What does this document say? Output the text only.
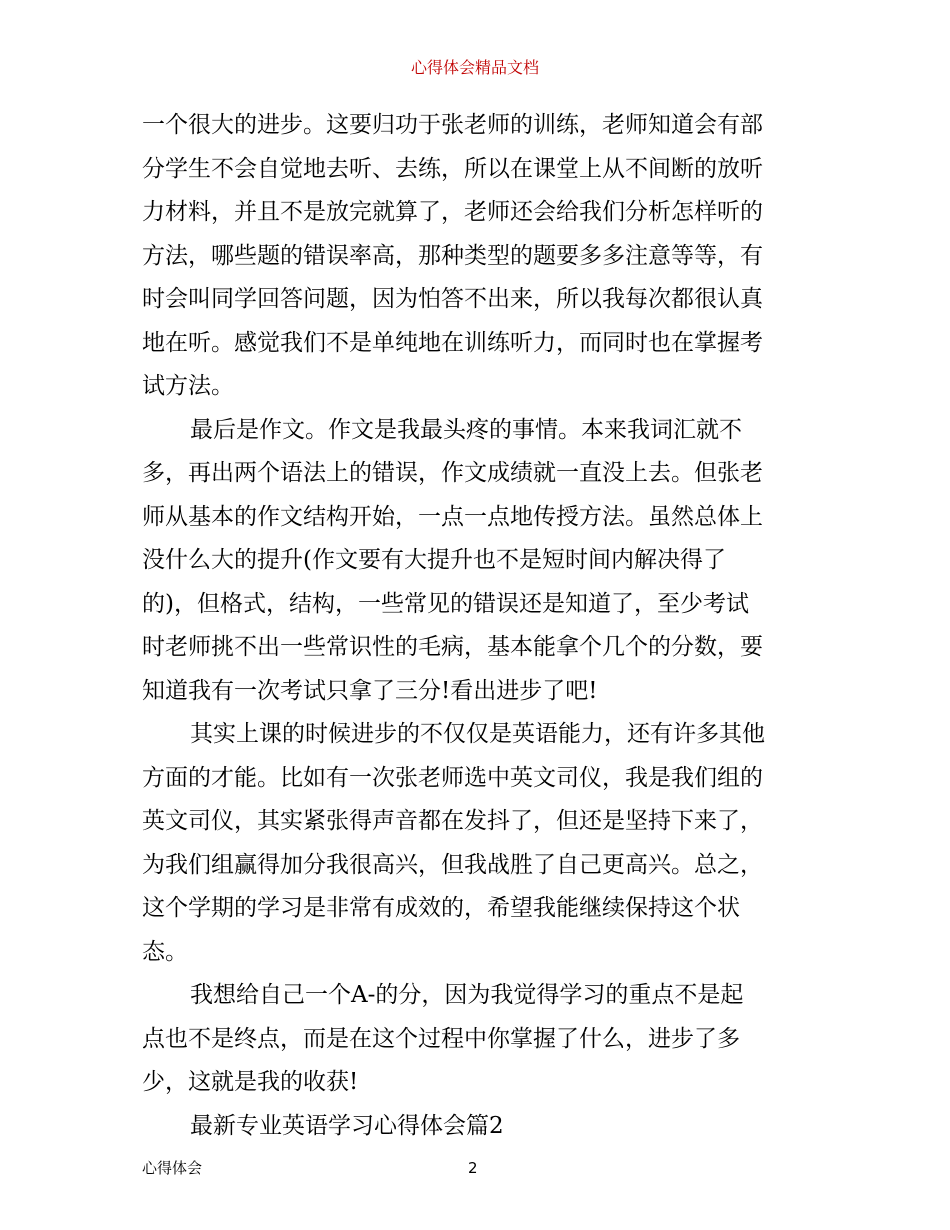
心得体会精品文档
一个很大的进步。这要归功于张老师的训练，老师知道会有部
分学生不会自觉地去听、去练，所以在课堂上从不间断的放听
力材料，并且不是放完就算了，老师还会给我们分析怎样听的
方法，哪些题的错误率高，那种类型的题要多多注意等等，有
时会叫同学回答问题，因为怕答不出来，所以我每次都很认真
地在听。感觉我们不是单纯地在训练听力，而同时也在掌握考
试方法。
最后是作文。作文是我最头疼的事情。本来我词汇就不
多，再出两个语法上的错误，作文成绩就一直没上去。但张老
师从基本的作文结构开始，一点一点地传授方法。虽然总体上
没什么大的提升(作文要有大提升也不是短时间内解决得了
的)，但格式，结构，一些常见的错误还是知道了，至少考试
时老师挑不出一些常识性的毛病，基本能拿个几个的分数，要
知道我有一次考试只拿了三分!看出进步了吧!
其实上课的时候进步的不仅仅是英语能力，还有许多其他
方面的才能。比如有一次张老师选中英文司仪，我是我们组的
英文司仪，其实紧张得声音都在发抖了，但还是坚持下来了，
为我们组赢得加分我很高兴，但我战胜了自己更高兴。总之，
这个学期的学习是非常有成效的，希望我能继续保持这个状
态。
我想给自己一个A-的分，因为我觉得学习的重点不是起
点也不是终点，而是在这个过程中你掌握了什么，进步了多
少，这就是我的收获!
最新专业英语学习心得体会篇2
心得体会	2
